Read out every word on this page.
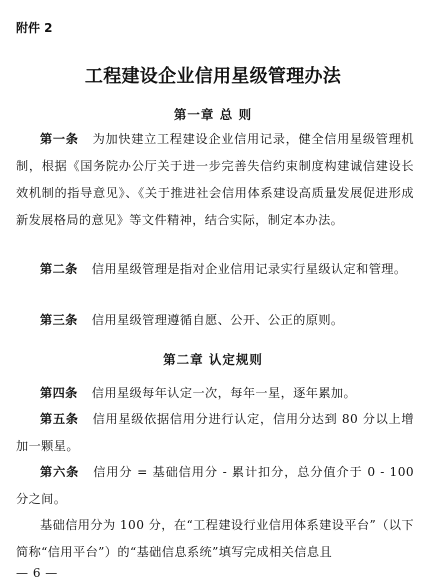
附件 2
工程建设企业信用星级管理办法
第一章 总 则

第一条 为加快建立工程建设企业信用记录，健全信用星级管理机制，根据《国务院办公厅关于进一步完善失信约束制度构建诚信建设长效机制的指导意见》、《关于推进社会信用体系建设高质量发展促进形成新发展格局的意见》等文件精神，结合实际，制定本办法。

第二条 信用星级管理是指对企业信用记录实行星级认定和管理。

第三条 信用星级管理遵循自愿、公开、公正的原则。

第二章 认定规则

第四条 信用星级每年认定一次，每年一星，逐年累加。

第五条 信用星级依据信用分进行认定，信用分达到 80 分以上增加一颗星。

第六条 信用分 = 基础信用分 - 累计扣分，总分值介于 0 - 100 分之间。

基础信用分为 100 分，在“工程建设行业信用体系建设平台”（以下简称“信用平台”）的“基础信息系统”填写完成相关信息且

— 6 —
